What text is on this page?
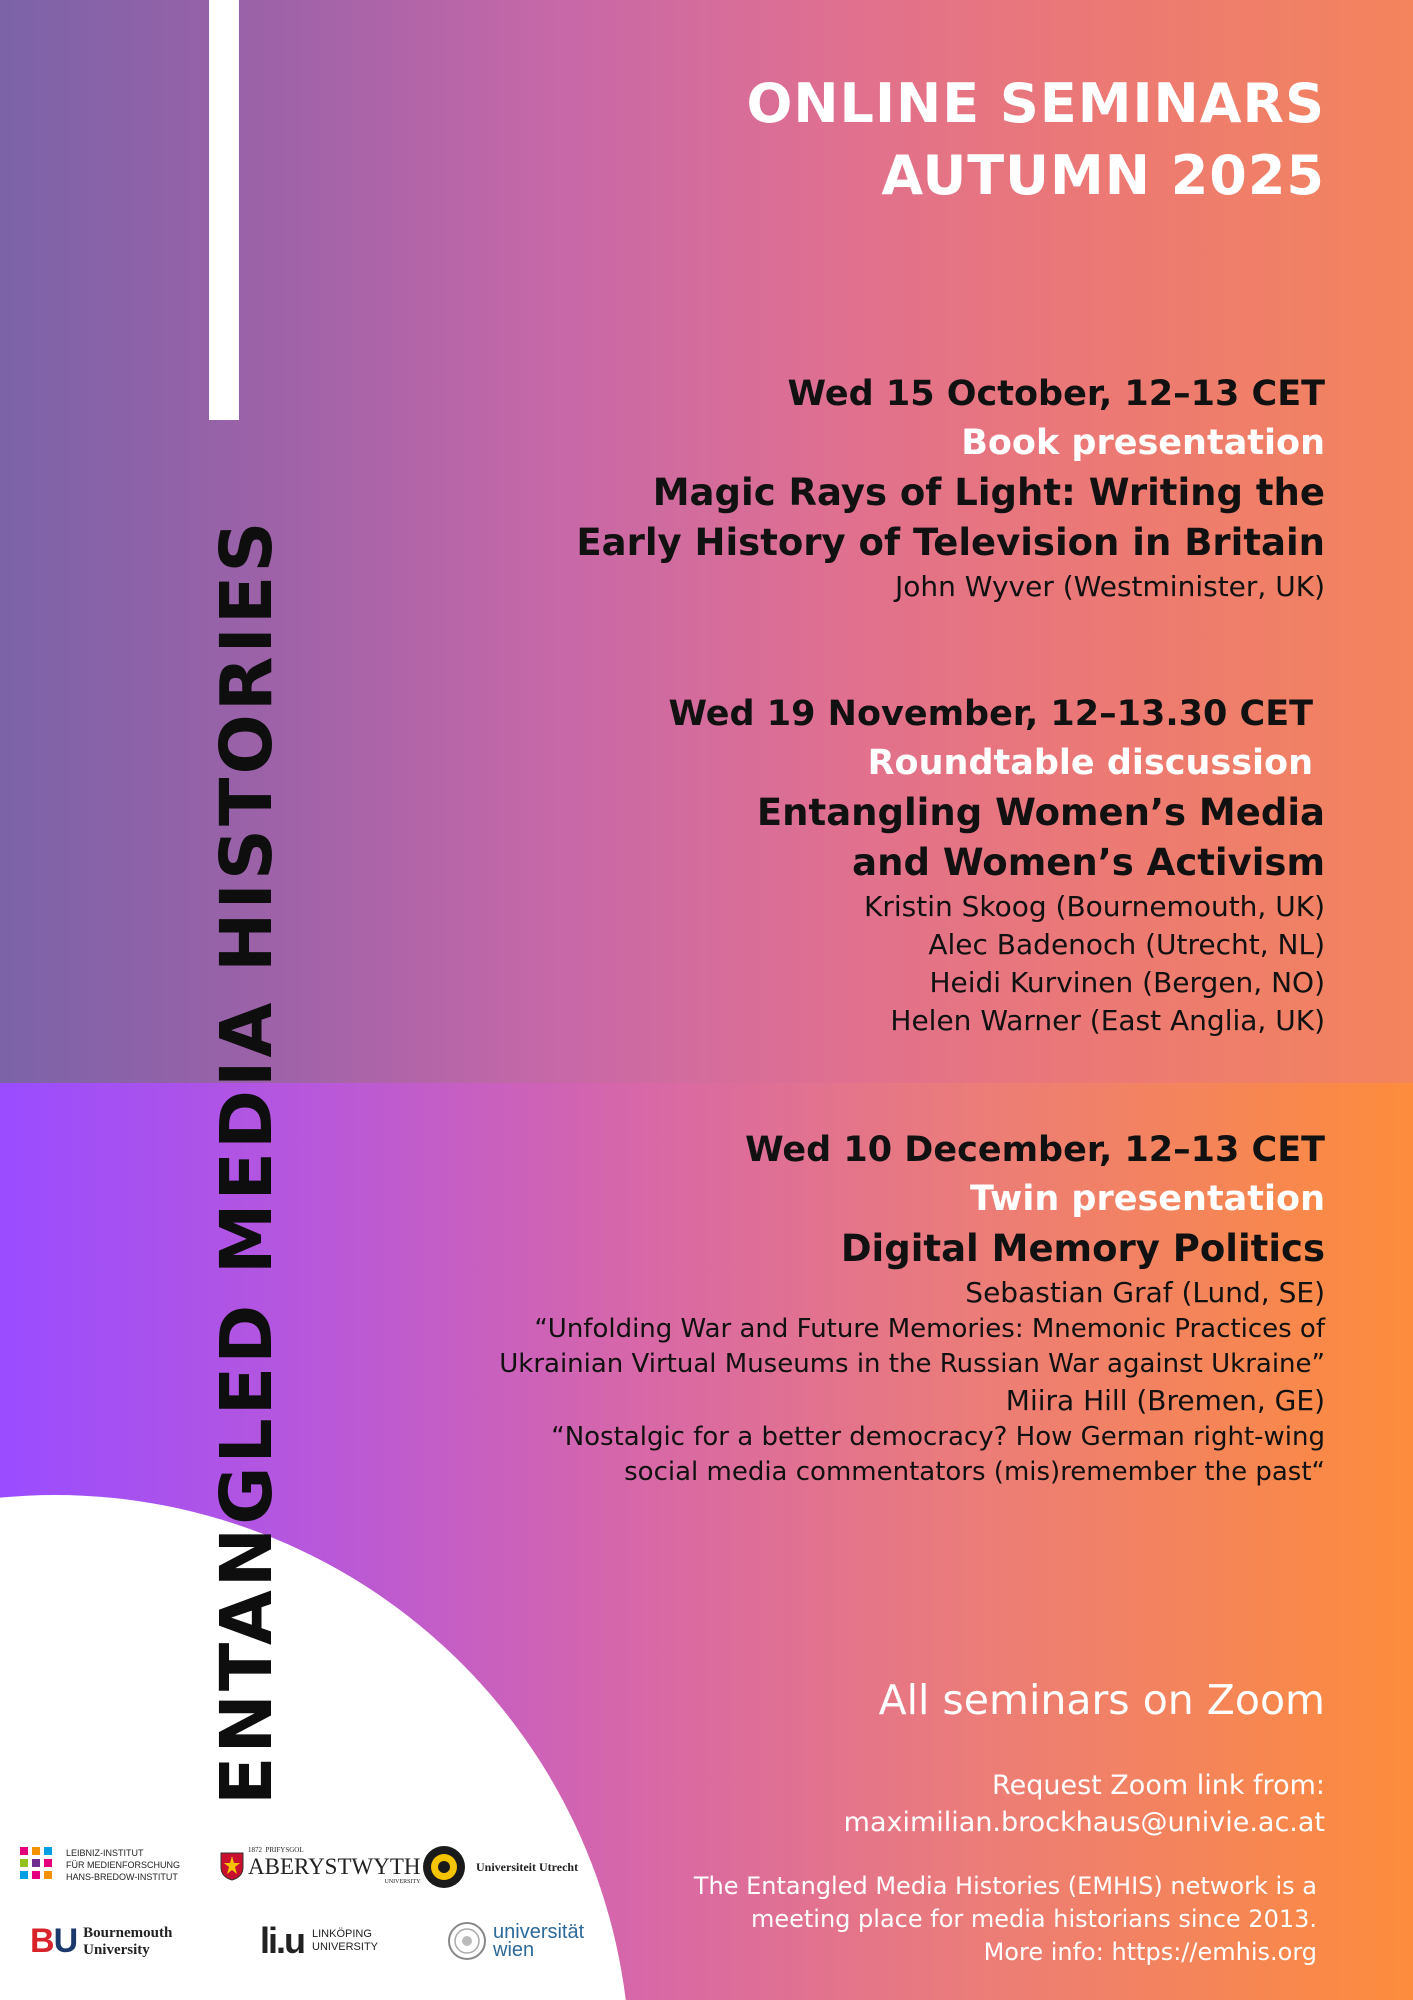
ENTANGLED MEDIA HISTORIES
ONLINE SEMINARS
AUTUMN 2025
Wed 15 October, 12–13 CET
Book presentation
Magic Rays of Light: Writing the
Early History of Television in Britain
John Wyver (Westminister, UK)
Wed 19 November, 12–13.30 CET
Roundtable discussion
Entangling Women’s Media
and Women’s Activism
Kristin Skoog (Bournemouth, UK)
Alec Badenoch (Utrecht, NL)
Heidi Kurvinen (Bergen, NO)
Helen Warner (East Anglia, UK)
Wed 10 December, 12–13 CET
Twin presentation
Digital Memory Politics
Sebastian Graf (Lund, SE)
“Unfolding War and Future Memories: Mnemonic Practices of
Ukrainian Virtual Museums in the Russian War against Ukraine”
Miira Hill (Bremen, GE)
“Nostalgic for a better democracy? How German right-wing
social media commentators (mis)remember the past“
All seminars on Zoom
Request Zoom link from:
maximilian.brockhaus@univie.ac.at
The Entangled Media Histories (EMHIS) network is a
meeting place for media historians since 2013.
More info: https://emhis.org
LEIBNIZ-INSTITUT
FÜR MEDIENFORSCHUNG
HANS-BREDOW-INSTITUT
1872 PRIFYSGOL
ABERYSTWYTH
UNIVERSITY
Universiteit Utrecht
BU Bournemouth
University	li.u LINKÖPING
UNIVERSITY
universität
wien
